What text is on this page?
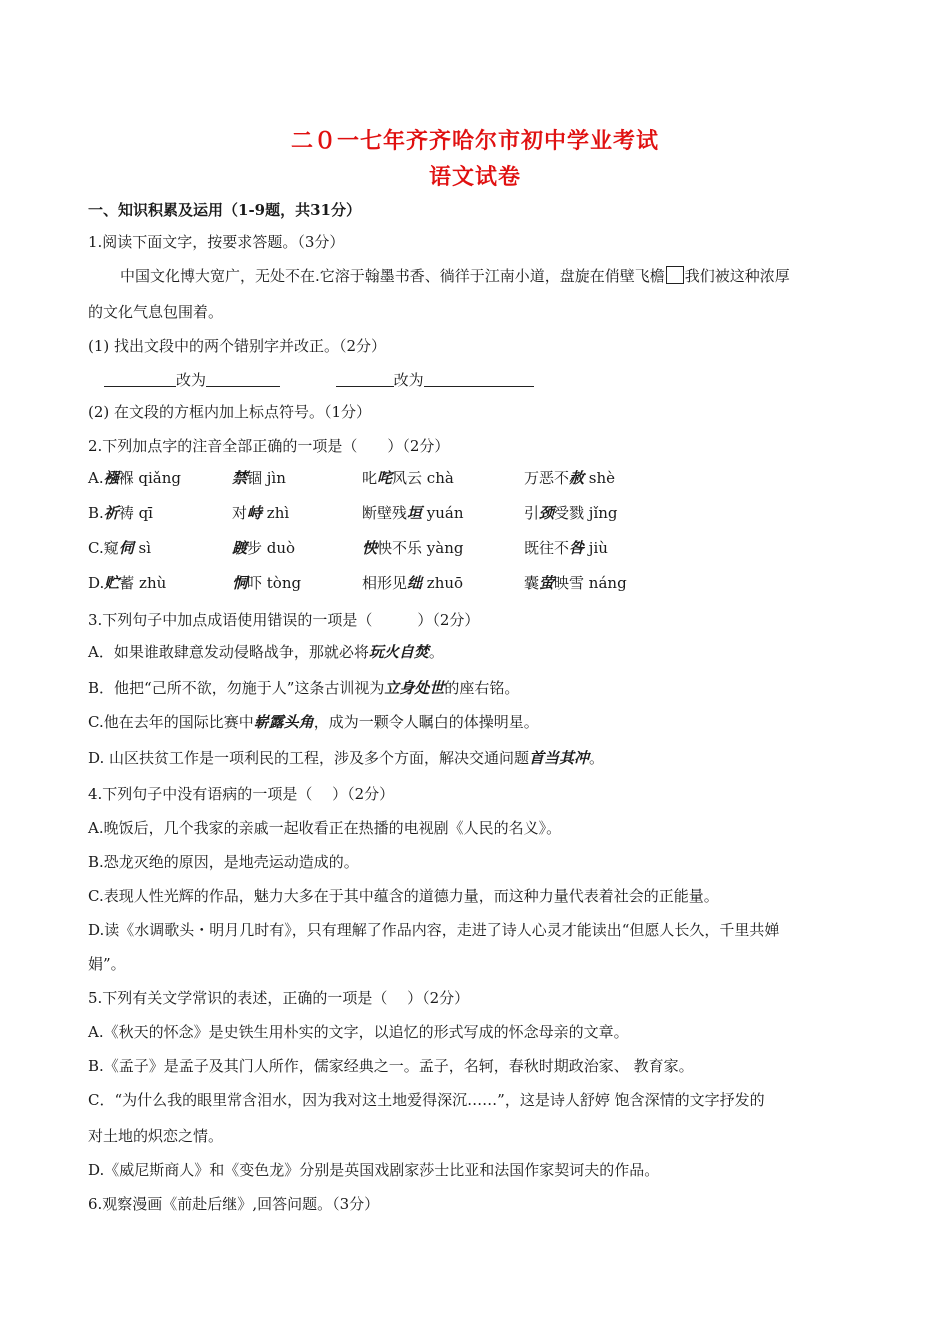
二０一七年齐齐哈尔市初中学业考试
语文试卷
一、知识积累及运用（1-9题，共31分）
1.阅读下面文字，按要求答题。（3分）
中国文化博大宽广，无处不在.它溶于翰墨书香、徜徉于江南小道，盘旋在俏壁飞檐 我们被这种浓厚
的文化气息包围着。
(1) 找出文段中的两个错别字并改正。（2分）
改为	改为
(2) 在文段的方框内加上标点符号。（1分）
2.下列加点字的注音全部正确的一项是（　　）（2分）
A.襁褓 qiǎng	禁锢 jìn	叱咤风云 chà	万恶不赦 shè
B.祈祷 qī	对峙 zhì	断壁残垣 yuán	引颈受戮 jǐng
C.窥伺 sì	踱步 duò	怏怏不乐 yàng	既往不咎 jiù
D.贮蓄 zhù	恫吓 tòng	相形见绌 zhuō	囊萤映雪 náng
3.下列句子中加点成语使用错误的一项是（　　　）（2分）
A．如果谁敢肆意发动侵略战争，那就必将玩火自焚。
B．他把“己所不欲，勿施于人”这条古训视为立身处世的座右铭。
C.他在去年的国际比赛中崭露头角，成为一颗令人瞩白的体操明星。
D. 山区扶贫工作是一项利民的工程，涉及多个方面，解决交通问题首当其冲。
4.下列句子中没有语病的一项是（　 ）（2分）
A.晚饭后，几个我家的亲戚一起收看正在热播的电视剧《人民的名义》。
B.恐龙灭绝的原因，是地壳运动造成的。
C.表现人性光辉的作品，魅力大多在于其中蕴含的道德力量，而这种力量代表着社会的正能量。
D.读《水调歌头・明月几时有》，只有理解了作品内容，走进了诗人心灵才能读出“但愿人长久，千里共婵
娟”。
5.下列有关文学常识的表述，正确的一项是（　 ）（2分）
A.《秋天的怀念》是史铁生用朴实的文字，以追忆的形式写成的怀念母亲的文章。
B.《孟子》是孟子及其门人所作，儒家经典之一。孟子，名轲，春秋时期政治家、 教育家。
C．“为什么我的眼里常含泪水，因为我对这土地爱得深沉……”，这是诗人舒婷 饱含深情的文字抒发的
对土地的炽恋之情。
D.《威尼斯商人》和《变色龙》分别是英国戏剧家莎士比亚和法国作家契诃夫的作品。
6.观察漫画《前赴后继》,回答问题。（3分）
